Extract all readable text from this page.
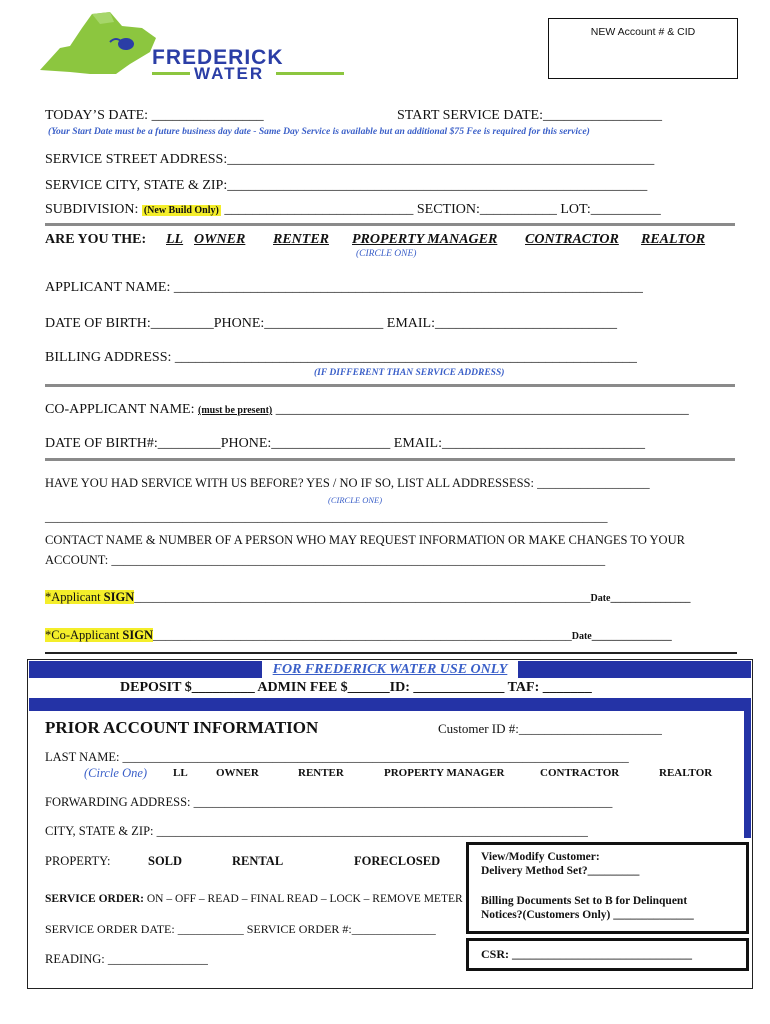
FREDERICK
WATER
NEW Account # & CID
TODAY’S DATE: ________________	START SERVICE DATE:_________________
(Your Start Date must be a future business day date - Same Day Service is available but an additional $75 Fee is required for this service)
SERVICE STREET ADDRESS:_____________________________________________________________
SERVICE CITY, STATE & ZIP:____________________________________________________________
SUBDIVISION: (New Build Only) ___________________________ SECTION:___________ LOT:__________
ARE YOU THE: LL OWNER RENTER PROPERTY MANAGER CONTRACTOR REALTOR
(CIRCLE ONE)
APPLICANT NAME: ___________________________________________________________________
DATE OF BIRTH:_________PHONE:_________________ EMAIL:__________________________
BILLING ADDRESS: __________________________________________________________________
(IF DIFFERENT THAN SERVICE ADDRESS)
CO-APPLICANT NAME: (must be present) ___________________________________________________________
DATE OF BIRTH#:_________PHONE:_________________ EMAIL:_____________________________
HAVE YOU HAD SERVICE WITH US BEFORE? YES / NO IF SO, LIST ALL ADDRESSESS: __________________
(CIRCLE ONE)
__________________________________________________________________________________________
CONTACT NAME & NUMBER OF A PERSON WHO MAY REQUEST INFORMATION OR MAKE CHANGES TO YOUR
ACCOUNT: _______________________________________________________________________________
*Applicant SIGN_________________________________________________________________________Date________________
*Co-Applicant SIGN___________________________________________________________________Date________________
FOR FREDERICK WATER USE ONLY
DEPOSIT $_________ ADMIN FEE $______ID: _____________ TAF: _______
PRIOR ACCOUNT INFORMATION	Customer ID #:______________________
LAST NAME: _________________________________________________________________________________
(Circle One) LL	OWNER	RENTER	PROPERTY MANAGER	CONTRACTOR	REALTOR
FORWARDING ADDRESS: ___________________________________________________________________
CITY, STATE & ZIP: _____________________________________________________________________
PROPERTY:	SOLD	RENTAL	FORECLOSED
SERVICE ORDER: ON – OFF – READ – FINAL READ – LOCK – REMOVE METER
SERVICE ORDER DATE: ___________ SERVICE ORDER #:______________
READING: ________________
View/Modify Customer:
Delivery Method Set?_________
Billing Documents Set to B for Delinquent
Notices?(Customers Only) ______________
CSR: ______________________________
